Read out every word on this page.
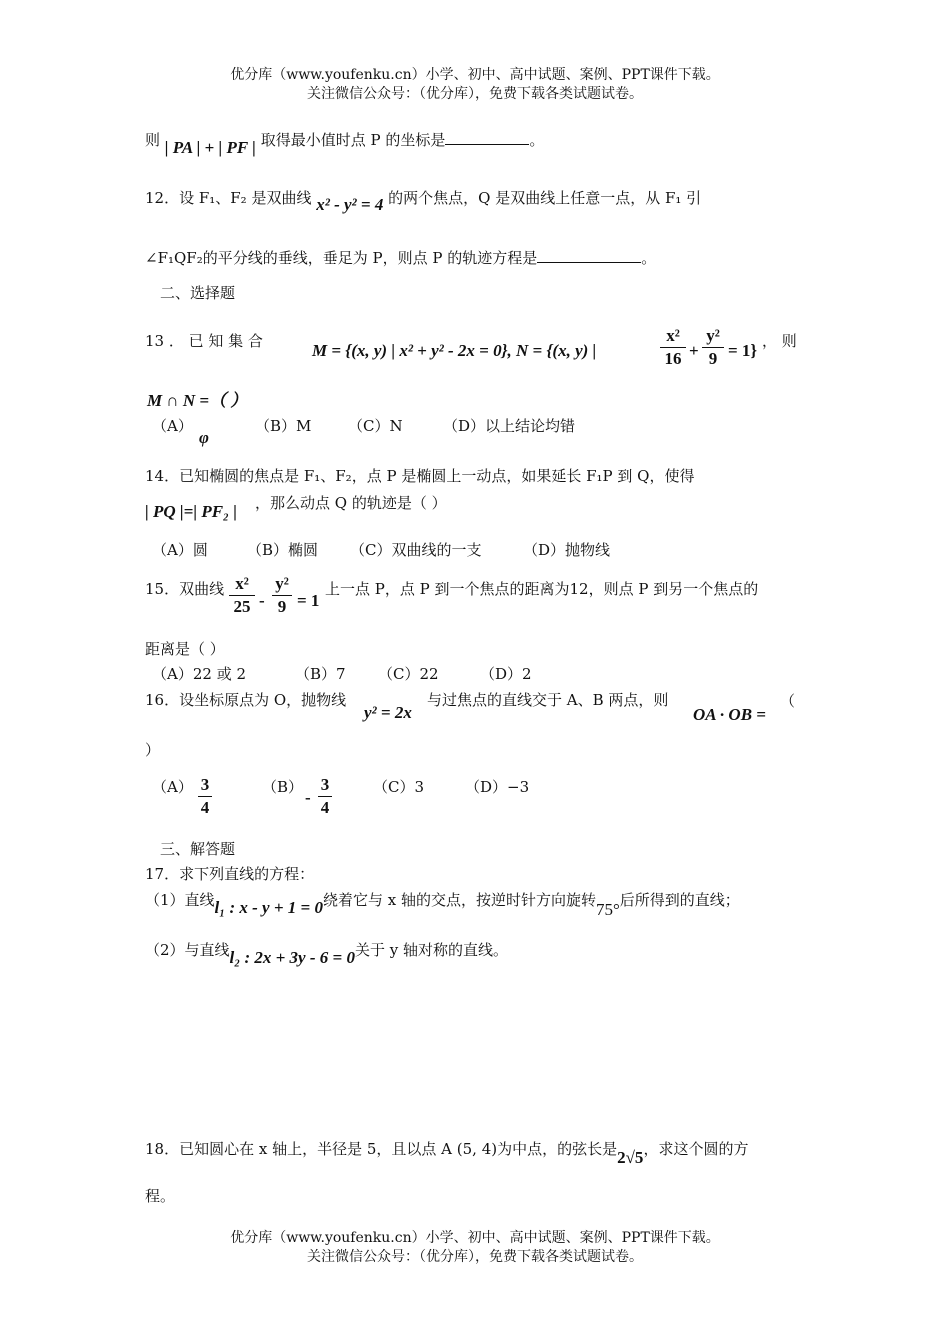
优分库（www.youfenku.cn）小学、初中、高中试题、案例、PPT课件下载。
关注微信公众号：（优分库），免费下载各类试题试卷。
则 | PA | + | PF | 取得最小值时点 P 的坐标是	。
12．设 F₁、F₂ 是双曲线 x² - y² = 4 的两个焦点，Q 是双曲线上任意一点，从 F₁ 引
∠F₁QF₂的平分线的垂线，垂足为 P，则点 P 的轨迹方程是	。
二、选择题
13 ． 已 知 集 合	M = {(x, y) | x² + y² - 2x = 0}, N = {(x, y) |
x²
16 +
y²
9 = 1} ， 则
M ∩ N =（ ）
（A）
φ
（B）M （C）N	（D）以上结论均错
14．已知椭圆的焦点是 F₁、F₂，点 P 是椭圆上一动点，如果延长 F₁P 到 Q，使得
| PQ |=| PF₂ | ，那么动点 Q 的轨迹是（ ）
（A）圆	（B）椭圆 （C）双曲线的一支	（D）抛物线
15．双曲线 x²
25 -
y²
9 = 1
上一点 P，点 P 到一个焦点的距离为12，则点 P 到另一个焦点的
距离是（ ）
（A）22 或 2	（B）7 （C）22	（D）2
16．设坐标原点为 O，抛物线
y² = 2x
与过焦点的直线交于 A、B 两点，则
OA · OB =
（
）
（A） 3
4
（B）
-
3
4
（C）3	（D）−3
三、解答题
17．求下列直线的方程：
（1）直线l₁ : x - y + 1 = 0绕着它与 x 轴的交点，按逆时针方向旋转75°后所得到的直线；
（2）与直线l₂ : 2x + 3y - 6 = 0关于 y 轴对称的直线。
18．已知圆心在 x 轴上，半径是 5，且以点 A (5, 4)为中点，的弦长是2√5，求这个圆的方
程。
优分库（www.youfenku.cn）小学、初中、高中试题、案例、PPT课件下载。
关注微信公众号：（优分库），免费下载各类试题试卷。
